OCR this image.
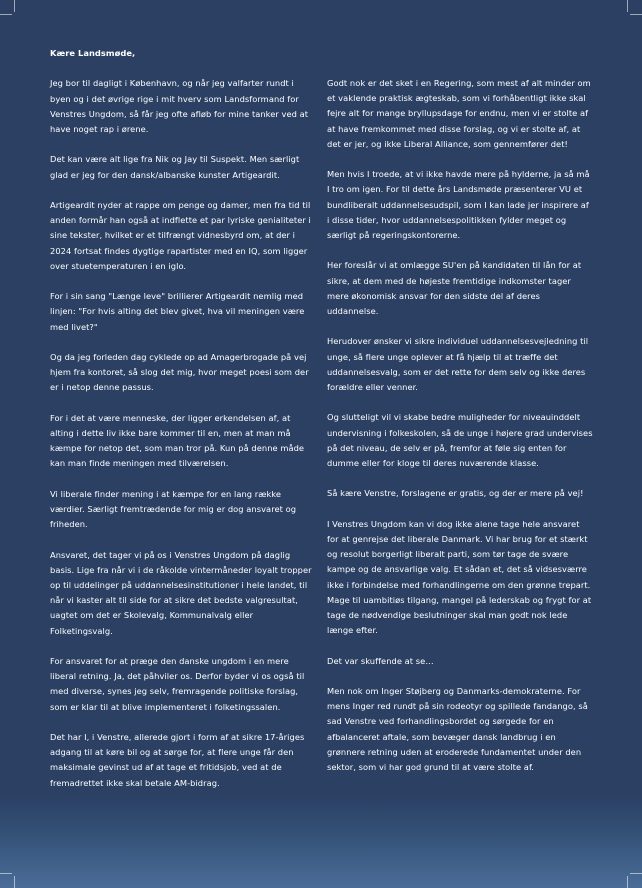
Kære Landsmøde,

Jeg bor til dagligt i København, og når jeg valfarter rundt i byen og i det øvrige rige i mit hverv som Landsformand for Venstres Ungdom, så får jeg ofte afløb for mine tanker ved at have noget rap i ørene.

Det kan være alt lige fra Nik og Jay til Suspekt. Men særligt glad er jeg for den dansk/albanske kunster Artigeardit.

Artigeardit nyder at rappe om penge og damer, men fra tid til anden formår han også at indflette et par lyriske genialiteter i sine tekster, hvilket er et tilfrængt vidnesbyrd om, at der i 2024 fortsat findes dygtige rapartister med en IQ, som ligger over stuetemperaturen i en iglo.

For i sin sang "Længe leve" brillierer Artigeardit nemlig med linjen: "For hvis alting det blev givet, hva vil meningen være med livet?"

Og da jeg forleden dag cyklede op ad Amagerbrogade på vej hjem fra kontoret, så slog det mig, hvor meget poesi som der er i netop denne passus.

For i det at være menneske, der ligger erkendelsen af, at alting i dette liv ikke bare kommer til en, men at man må kæmpe for netop det, som man tror på. Kun på denne måde kan man finde meningen med tilværelsen.

Vi liberale finder mening i at kæmpe for en lang række værdier. Særligt fremtrædende for mig er dog ansvaret og friheden.

Ansvaret, det tager vi på os i Venstres Ungdom på daglig basis. Lige fra når vi i de råkolde vintermåneder loyalt tropper op til uddelinger på uddannelsesinstitutioner i hele landet, til når vi kaster alt til side for at sikre det bedste valgresultat, uagtet om det er Skolevalg, Kommunalvalg eller Folketingsvalg.

For ansvaret for at præge den danske ungdom i en mere liberal retning. Ja, det påhviler os. Derfor byder vi os også til med diverse, synes jeg selv, fremragende politiske forslag, som er klar til at blive implementeret i folketingssalen.

Det har I, i Venstre, allerede gjort i form af at sikre 17-åriges adgang til at køre bil og at sørge for, at flere unge får den maksimale gevinst ud af at tage et fritidsjob, ved at de fremadrettet ikke skal betale AM-bidrag.

Godt nok er det sket i en Regering, som mest af alt minder om et vaklende praktisk ægteskab, som vi forhåbentligt ikke skal fejre alt for mange bryllupsdage for endnu, men vi er stolte af at have fremkommet med disse forslag, og vi er stolte af, at det er jer, og ikke Liberal Alliance, som gennemfører det!

Men hvis I troede, at vi ikke havde mere på hylderne, ja så må I tro om igen. For til dette års Landsmøde præsenterer VU et bundliberalt uddannelsesudspil, som I kan lade jer inspirere af i disse tider, hvor uddannelsespolitikken fylder meget og særligt på regeringskontorerne.

Her foreslår vi at omlægge SU'en på kandidaten til lån for at sikre, at dem med de højeste fremtidige indkomster tager mere økonomisk ansvar for den sidste del af deres uddannelse.

Herudover ønsker vi sikre individuel uddannelsesvejledning til unge, så flere unge oplever at få hjælp til at træffe det uddannelsesvalg, som er det rette for dem selv og ikke deres forældre eller venner.

Og slutteligt vil vi skabe bedre muligheder for niveauinddelt undervisning i folkeskolen, så de unge i højere grad undervises på det niveau, de selv er på, fremfor at føle sig enten for dumme eller for kloge til deres nuværende klasse.

Så kære Venstre, forslagene er gratis, og der er mere på vej!

I Venstres Ungdom kan vi dog ikke alene tage hele ansvaret for at genrejse det liberale Danmark. Vi har brug for et stærkt og resolut borgerligt liberalt parti, som tør tage de svære kampe og de ansvarlige valg. Et sådan et, det så vidsesværre ikke i forbindelse med forhandlingerne om den grønne trepart. Mage til uambitiøs tilgang, mangel på lederskab og frygt for at tage de nødvendige beslutninger skal man godt nok lede længe efter.

Det var skuffende at se…

Men nok om Inger Støjberg og Danmarks-demokraterne. For mens Inger red rundt på sin rodeotyr og spillede fandango, så sad Venstre ved forhandlingsbordet og sørgede for en afbalanceret aftale, som bevæger dansk landbrug i en grønnere retning uden at eroderede fundamentet under den sektor, som vi har god grund til at være stolte af.
